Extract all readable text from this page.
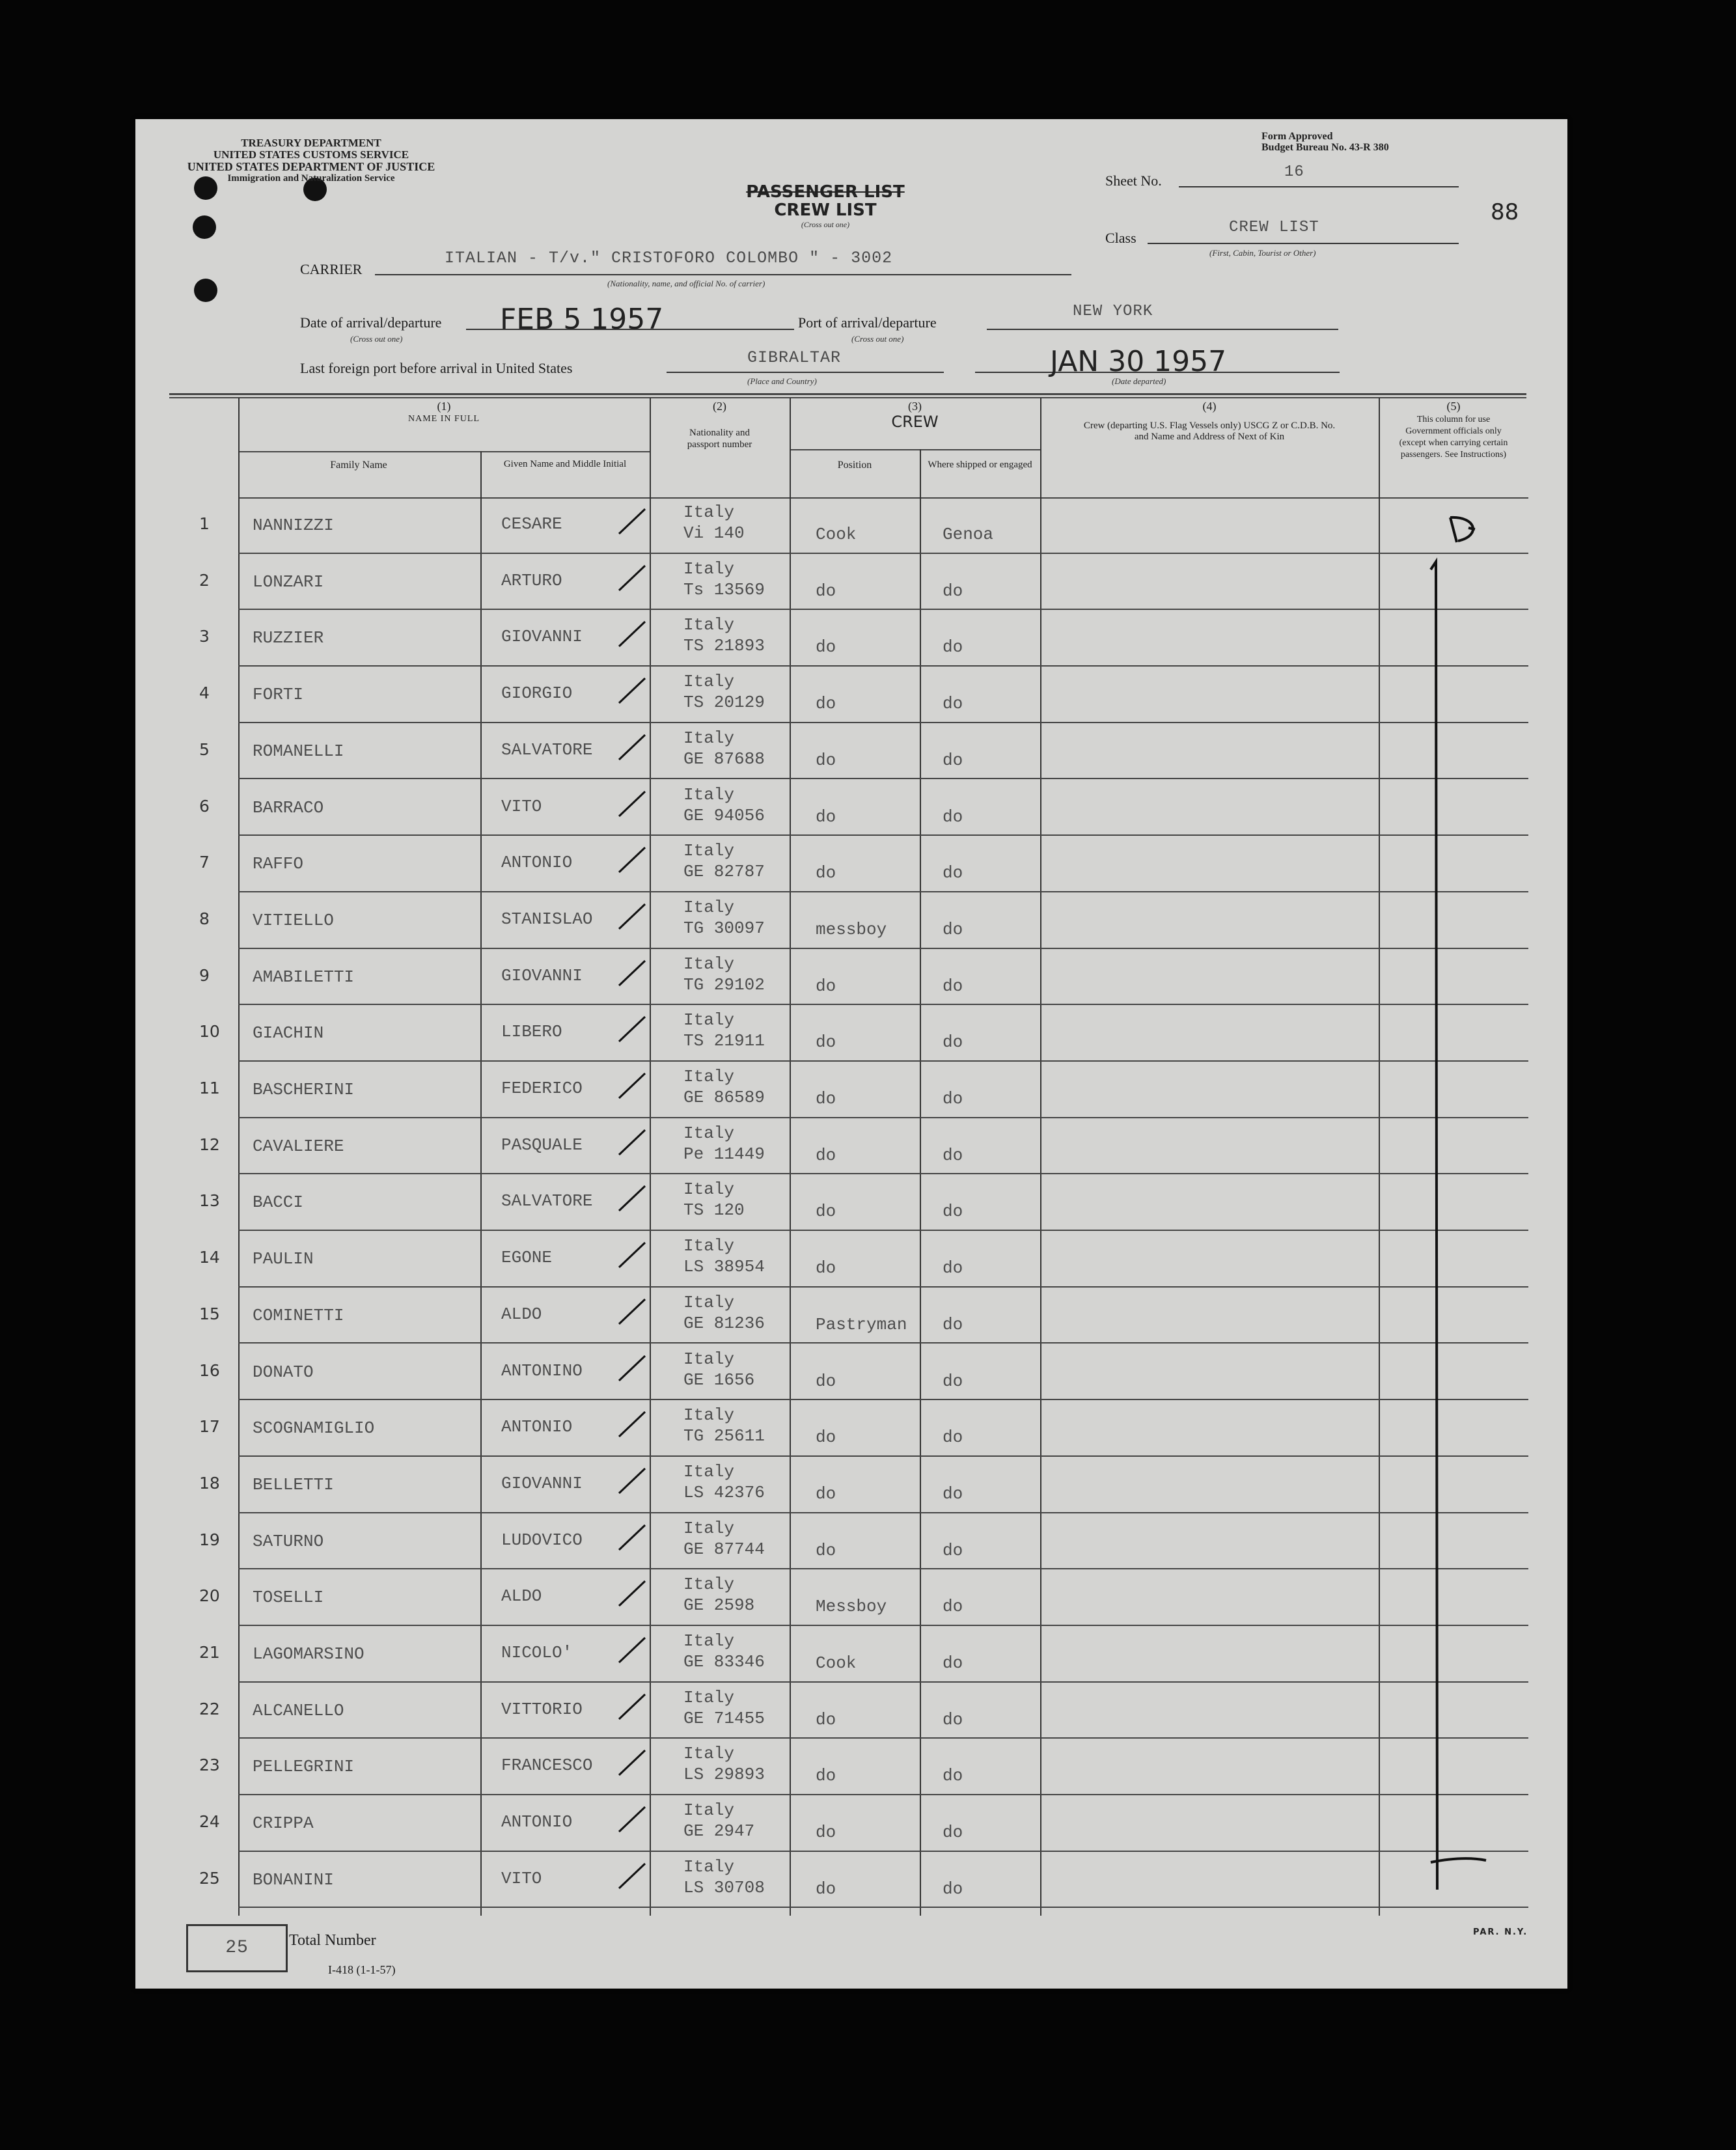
TREASURY DEPARTMENT
UNITED STATES CUSTOMS SERVICE
UNITED STATES DEPARTMENT OF JUSTICE
Immigration and Naturalization Service
Form Approved
Budget Bureau No. 43-R 380
PASSENGER LIST
CREW LIST
(Cross out one)
Sheet No.	16
88
Class
CREW LIST
(First, Cabin, Tourist or Other)
CARRIER
ITALIAN - T/v." CRISTOFORO COLOMBO " - 3002
(Nationality, name, and official No. of carrier)
Date of arrival/departure FEB 5 1957
(Cross out one)
Port of arrival/departure
NEW YORK
(Cross out one)
Last foreign port before arrival in United States
GIBRALTAR
(Place and Country)
JAN 30 1957
(Date departed)
(1)
NAME IN FULL
Family Name	Given Name and Middle Initial
(2)
Nationality and passport number
(3)
CREW
Position	Where shipped or engaged
(4)
Crew (departing U.S. Flag Vessels only) USCG Z or C.D.B. No. and Name and Address of Next of Kin
(5)
This column for use Government officials only (except when carrying certain passengers. See Instructions)
1	NANNIZZI	CESARE
Italy
Vi 140	Cook	Genoa
2	LONZARI	ARTURO
Italy
Ts 13569	do	do
3	RUZZIER	GIOVANNI
Italy
TS 21893	do	do
4	FORTI	GIORGIO
Italy
TS 20129	do	do
5	ROMANELLI	SALVATORE
Italy
GE 87688	do	do
6	BARRACO	VITO
Italy
GE 94056	do	do
7	RAFFO	ANTONIO
Italy
GE 82787	do	do
8	VITIELLO	STANISLAO
Italy
TG 30097	messboy	do
9	AMABILETTI	GIOVANNI
Italy
TG 29102	do	do
10 GIACHIN	LIBERO
Italy
TS 21911	do	do
11 BASCHERINI	FEDERICO
Italy
GE 86589	do	do
12 CAVALIERE	PASQUALE
Italy
Pe 11449	do	do
13 BACCI	SALVATORE
Italy
TS 120	do	do
14 PAULIN	EGONE
Italy
LS 38954	do	do
15 COMINETTI	ALDO
Italy
GE 81236	Pastryman do
16 DONATO	ANTONINO
Italy
GE 1656	do	do
17 SCOGNAMIGLIO	ANTONIO
Italy
TG 25611	do	do
18 BELLETTI	GIOVANNI
Italy
LS 42376	do	do
19 SATURNO	LUDOVICO
Italy
GE 87744	do	do
20 TOSELLI	ALDO
Italy
GE 2598	Messboy	do
21 LAGOMARSINO	NICOLO'
Italy
GE 83346	Cook	do
22 ALCANELLO	VITTORIO
Italy
GE 71455	do	do
23 PELLEGRINI	FRANCESCO
Italy
LS 29893	do	do
24 CRIPPA	ANTONIO
Italy
GE 2947	do	do
25 BONANINI	VITO
Italy
LS 30708	do	do
25	Total Number
I-418 (1-1-57)
PAR. N.Y.
